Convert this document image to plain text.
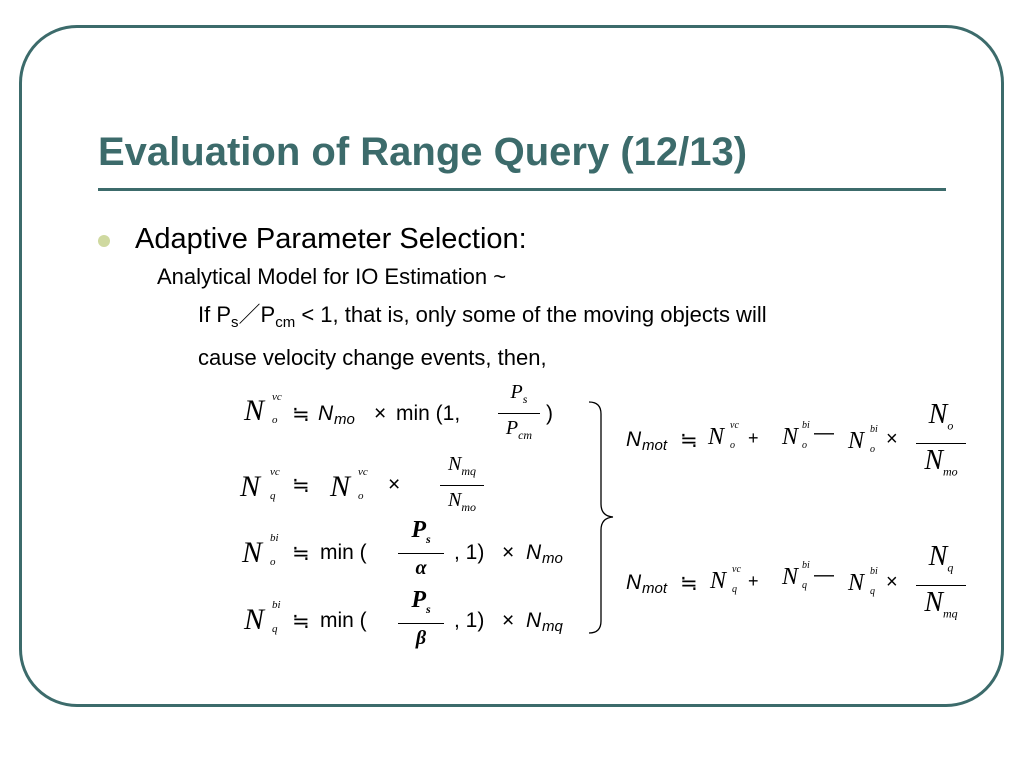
Evaluation of Range Query (12/13)
Adaptive Parameter Selection:
Analytical Model for IO Estimation ~
If $P_s/P_{cm} < 1$, that is, only some of the moving objects will
cause velocity change events, then,
N vc
o ≒ N mo × min (1,
$P_s$
$P_{cm}$
)
N vc
q ≒ N vc
o ×
$N_{mq}$
$N_{mo}$
N bi
o ≒ min (
$P_s$
α
, 1) × N mo
N bi
q ≒ min (
$P_s$
β
, 1) × N mq
N mot ≒ N vc
o + N bi
o
— N bi
o ×
$N_o$
$N_{mo}$
N mot ≒ N vc
q + N bi
q — N bi
q ×
$N_q$
$N_{mq}$
